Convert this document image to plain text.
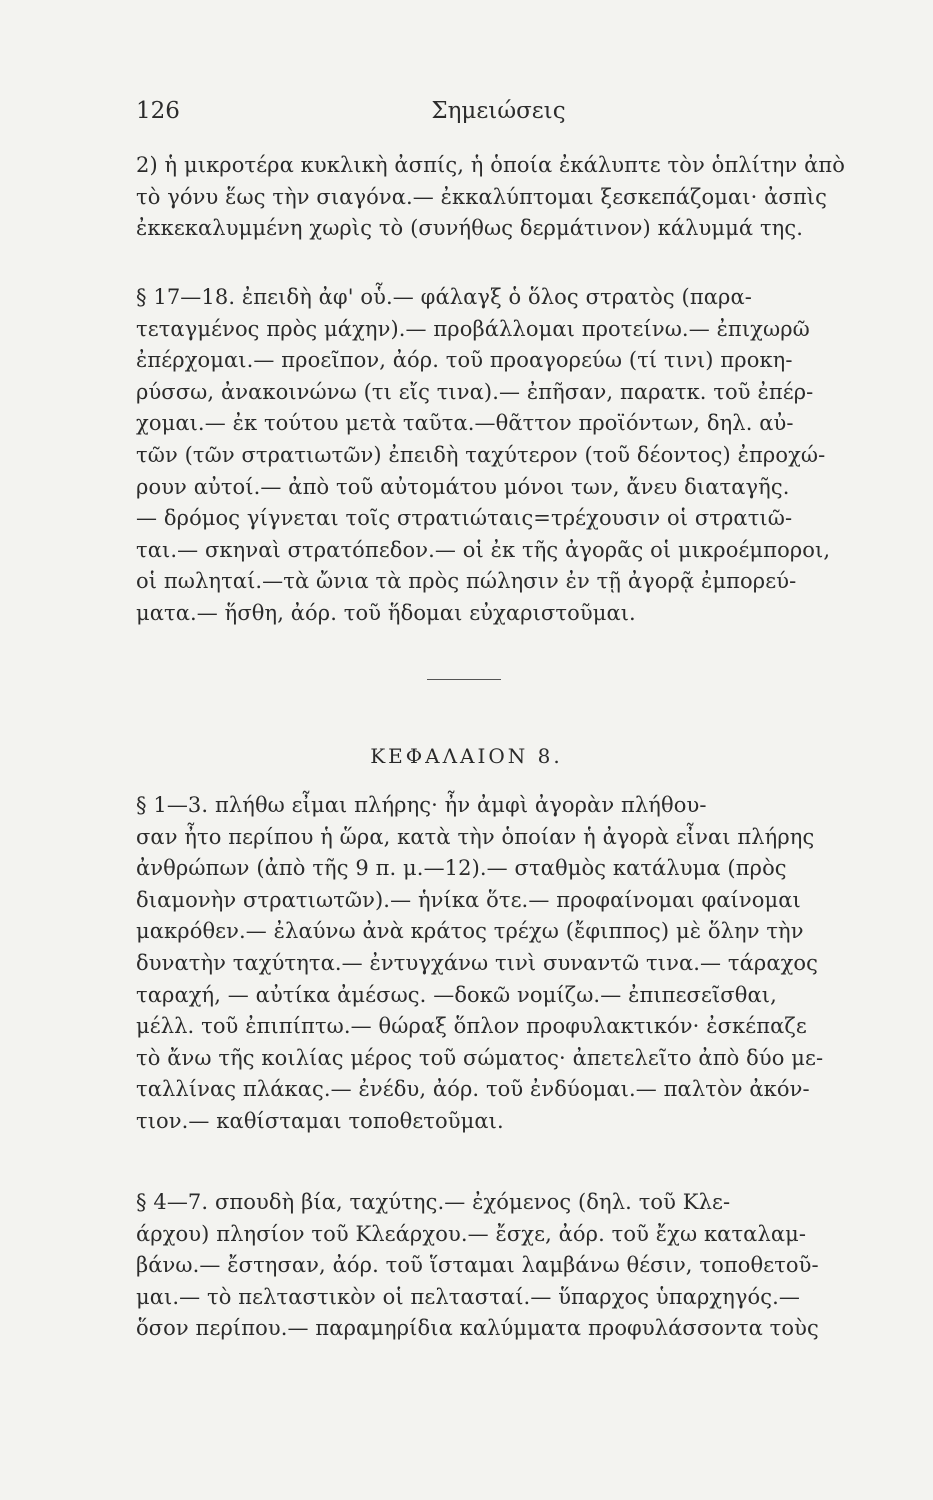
126	Σημειώσεις
2) ἡ μικροτέρα κυκλικὴ ἀσπίς, ἡ ὁποία ἐκάλυπτε τὸν ὁπλίτην ἀπὸ
τὸ γόνυ ἕως τὴν σιαγόνα.— ἐκκαλύπτομαι ξεσκεπάζομαι· ἀσπὶς
ἐκκεκαλυμμένη χωρὶς τὸ (συνήθως δερμάτινον) κάλυμμά της.
§ 17—18. ἐπειδὴ ἀφ' οὗ.— φάλαγξ ὁ ὅλος στρατὸς (παρα-
τεταγμένος πρὸς μάχην).— προβάλλομαι προτείνω.— ἐπιχωρῶ
ἐπέρχομαι.— προεῖπον, ἀόρ. τοῦ προαγορεύω (τί τινι) προκη-
ρύσσω, ἀνακοινώνω (τι εἴς τινα).— ἐπῆσαν, παρατκ. τοῦ ἐπέρ-
χομαι.— ἐκ τούτου μετὰ ταῦτα.—θᾶττον προϊόντων, δηλ. αὐ-
τῶν (τῶν στρατιωτῶν) ἐπειδὴ ταχύτερον (τοῦ δέοντος) ἐπροχώ-
ρουν αὐτοί.— ἀπὸ τοῦ αὐτομάτου μόνοι των, ἄνευ διαταγῆς.
— δρόμος γίγνεται τοῖς στρατιώταις=τρέχουσιν οἱ στρατιῶ-
ται.— σκηναὶ στρατόπεδον.— οἱ ἐκ τῆς ἀγορᾶς οἱ μικροέμποροι,
οἱ πωληταί.—τὰ ὤνια τὰ πρὸς πώλησιν ἐν τῇ ἀγορᾷ ἐμπορεύ-
ματα.— ἥσθη, ἀόρ. τοῦ ἥδομαι εὐχαριστοῦμαι.
ΚΕΦΑΛΑΙΟΝ 8.
§ 1—3. πλήθω εἶμαι πλήρης· ἦν ἀμφὶ ἀγορὰν πλήθου-
σαν ἦτο περίπου ἡ ὥρα, κατὰ τὴν ὁποίαν ἡ ἀγορὰ εἶναι πλήρης
ἀνθρώπων (ἀπὸ τῆς 9 π. μ.—12).— σταθμὸς κατάλυμα (πρὸς
διαμονὴν στρατιωτῶν).— ἡνίκα ὅτε.— προφαίνομαι φαίνομαι
μακρόθεν.— ἐλαύνω ἀνὰ κράτος τρέχω (ἔφιππος) μὲ ὅλην τὴν
δυνατὴν ταχύτητα.— ἐντυγχάνω τινὶ συναντῶ τινα.— τάραχος
ταραχή, — αὐτίκα ἀμέσως. —δοκῶ νομίζω.— ἐπιπεσεῖσθαι,
μέλλ. τοῦ ἐπιπίπτω.— θώραξ ὅπλον προφυλακτικόν· ἐσκέπαζε
τὸ ἄνω τῆς κοιλίας μέρος τοῦ σώματος· ἀπετελεῖτο ἀπὸ δύο με-
ταλλίνας πλάκας.— ἐνέδυ, ἀόρ. τοῦ ἐνδύομαι.— παλτὸν ἀκόν-
τιον.— καθίσταμαι τοποθετοῦμαι.
§ 4—7. σπουδὴ βία, ταχύτης.— ἐχόμενος (δηλ. τοῦ Κλε-
άρχου) πλησίον τοῦ Κλεάρχου.— ἔσχε, ἀόρ. τοῦ ἔχω καταλαμ-
βάνω.— ἔστησαν, ἀόρ. τοῦ ἵσταμαι λαμβάνω θέσιν, τοποθετοῦ-
μαι.— τὸ πελταστικὸν οἱ πελτασταί.— ὕπαρχος ὑπαρχηγός.—
ὅσον περίπου.— παραμηρίδια καλύμματα προφυλάσσοντα τοὺς
